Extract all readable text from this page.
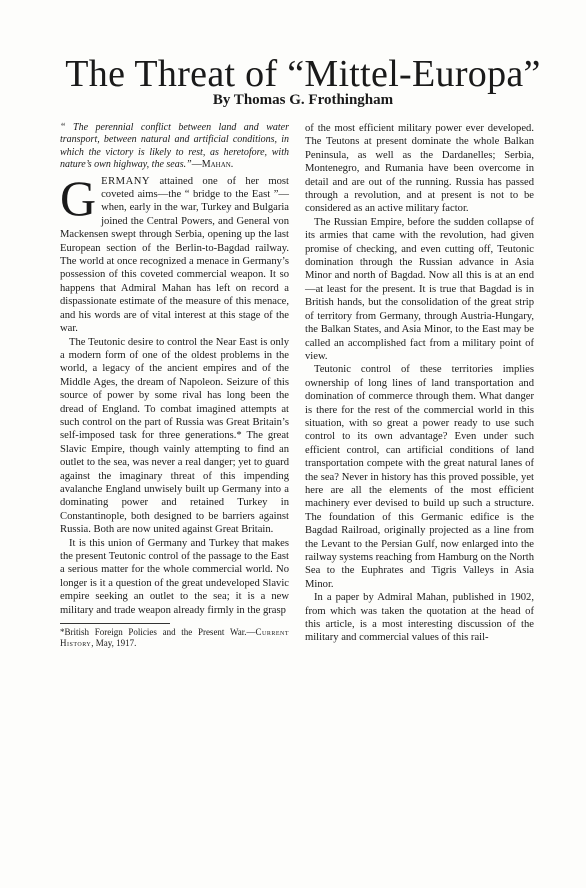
The Threat of “Mittel-Europa”
By Thomas G. Frothingham

“ The perennial conflict between land and water transport, between natural and artificial conditions, in which the victory is likely to rest, as heretofore, with nature’s own highway, the seas.”—Mahan.

GERMANY attained one of her most coveted aims—the “ bridge to the East ”—when, early in the war, Turkey and Bulgaria joined the Central Powers, and General von Mackensen swept through Serbia, opening up the last European section of the Berlin-to-Bagdad railway. The world at once recognized a menace in Germany’s possession of this coveted commercial weapon. It so happens that Admiral Mahan has left on record a dispassionate estimate of the measure of this menace, and his words are of vital interest at this stage of the war.

The Teutonic desire to control the Near East is only a modern form of one of the oldest problems in the world, a legacy of the ancient empires and of the Middle Ages, the dream of Napoleon. Seizure of this source of power by some rival has long been the dread of England. To combat imagined attempts at such control on the part of Russia was Great Britain’s self-imposed task for three generations.* The great Slavic Empire, though vainly attempting to find an outlet to the sea, was never a real danger; yet to guard against the imaginary threat of this impending avalanche England unwisely built up Germany into a dominating power and retained Turkey in Constantinople, both designed to be barriers against Russia. Both are now united against Great Britain.

It is this union of Germany and Turkey that makes the present Teutonic control of the passage to the East a serious matter for the whole commercial world. No longer is it a question of the great undeveloped Slavic empire seeking an outlet to the sea; it is a new military and trade weapon already firmly in the grasp

*British Foreign Policies and the Present War.—Current History, May, 1917.

of the most efficient military power ever developed. The Teutons at present dominate the whole Balkan Peninsula, as well as the Dardanelles; Serbia, Montenegro, and Rumania have been overcome in detail and are out of the running. Russia has passed through a revolution, and at present is not to be considered as an active military factor.

The Russian Empire, before the sudden collapse of its armies that came with the revolution, had given promise of checking, and even cutting off, Teutonic domination through the Russian advance in Asia Minor and north of Bagdad. Now all this is at an end—at least for the present. It is true that Bagdad is in British hands, but the consolidation of the great strip of territory from Germany, through Austria-Hungary, the Balkan States, and Asia Minor, to the East may be called an accomplished fact from a military point of view.

Teutonic control of these territories implies ownership of long lines of land transportation and domination of commerce through them. What danger is there for the rest of the commercial world in this situation, with so great a power ready to use such control to its own advantage? Even under such efficient control, can artificial conditions of land transportation compete with the great natural lanes of the sea? Never in history has this proved possible, yet here are all the elements of the most efficient machinery ever devised to build up such a structure. The foundation of this Germanic edifice is the Bagdad Railroad, originally projected as a line from the Levant to the Persian Gulf, now enlarged into the railway systems reaching from Hamburg on the North Sea to the Euphrates and Tigris Valleys in Asia Minor.

In a paper by Admiral Mahan, published in 1902, from which was taken the quotation at the head of this article, is a most interesting discussion of the military and commercial values of this rail-
